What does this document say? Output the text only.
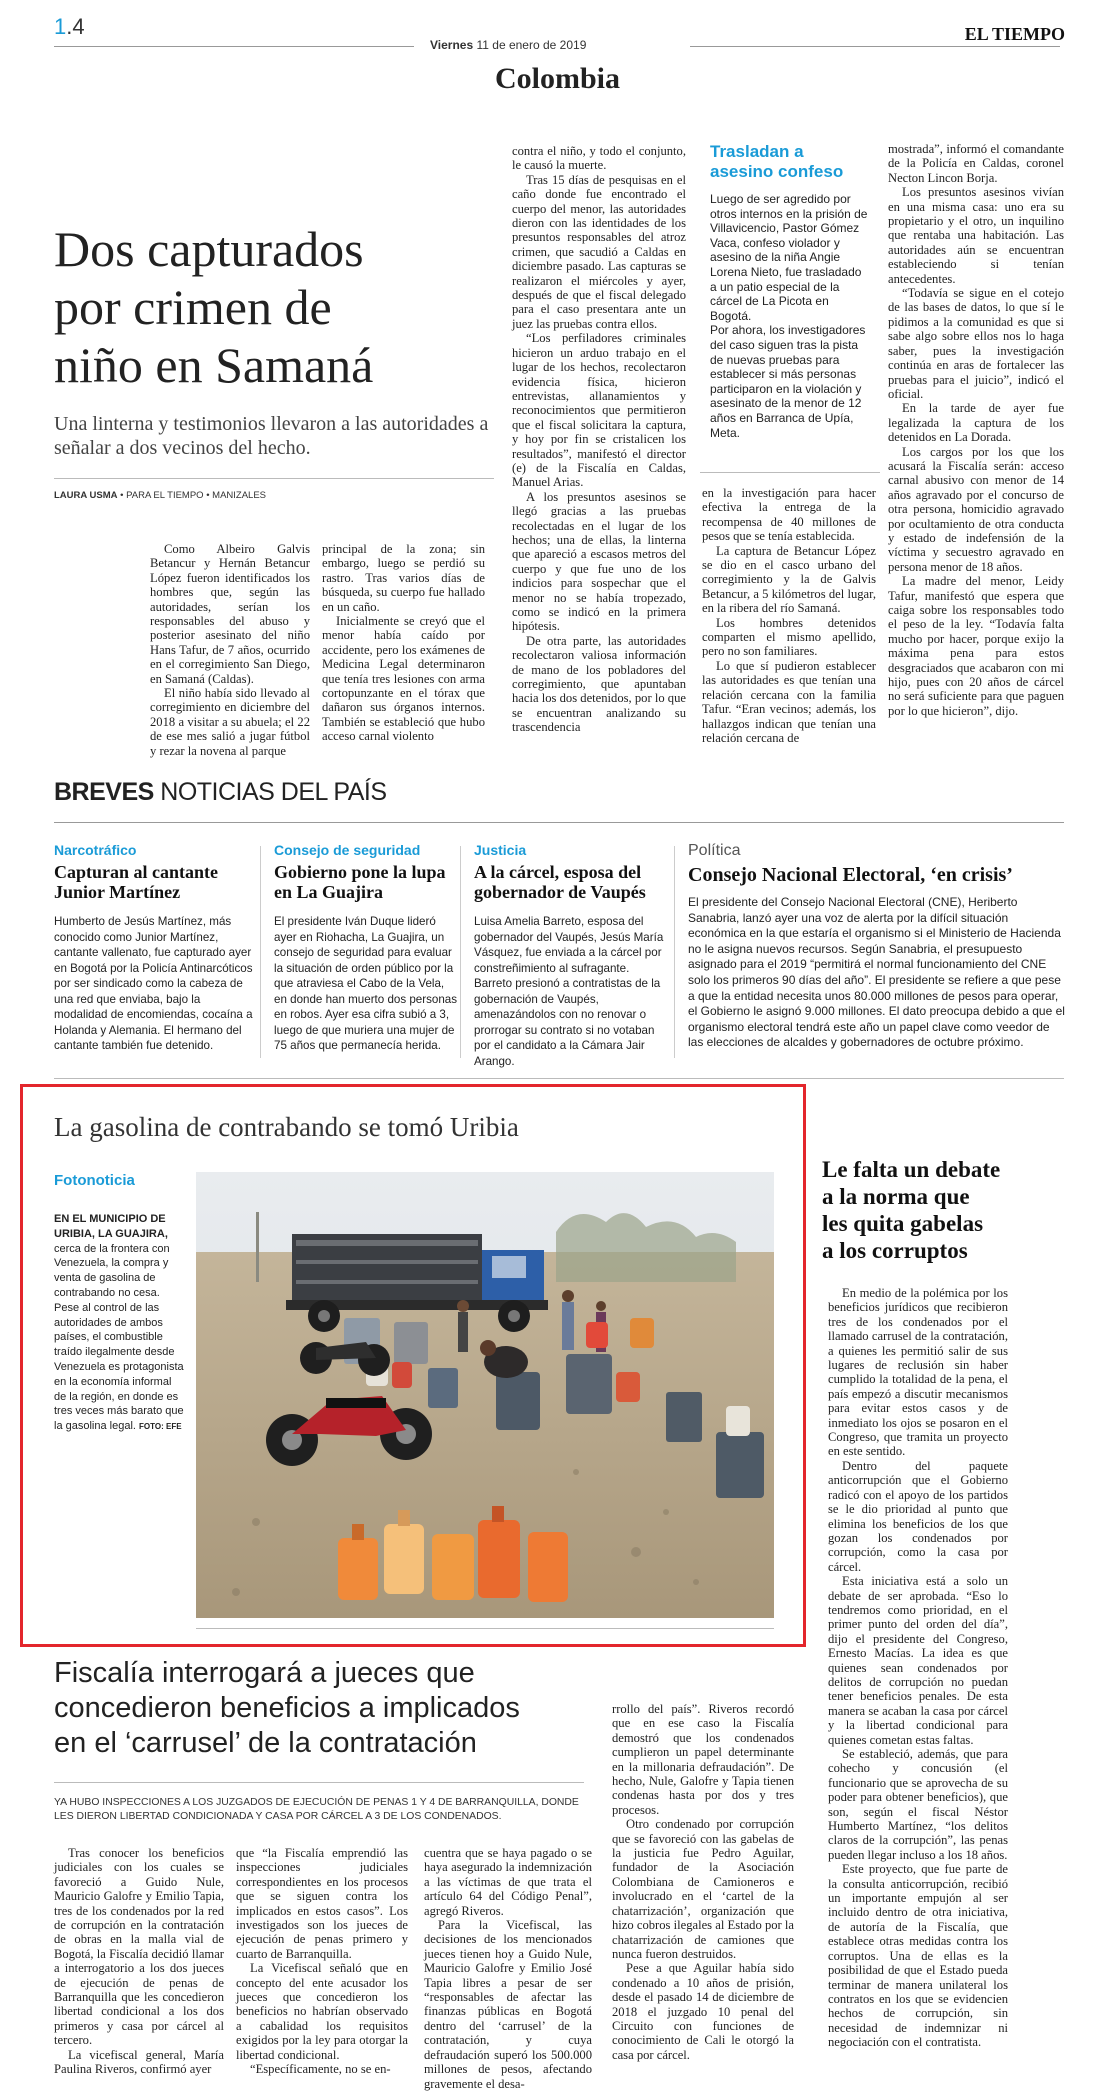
1.4
Viernes 11 de enero de 2019
Colombia
EL TIEMPO
Dos capturados
por crimen de
niño en Samaná
Una linterna y testimonios llevaron a las autoridades a señalar a dos vecinos del hecho.
LAURA USMA • PARA EL TIEMPO • MANIZALES

Como Albeiro Galvis Betancur y Hernán Betancur López fueron identificados los hombres que, según las autoridades, serían los responsables del abuso y posterior asesinato del niño Hans Tafur, de 7 años, ocurrido en el corregimiento San Diego, en Samaná (Caldas).

El niño había sido llevado al corregimiento en diciembre del 2018 a visitar a su abuela; el 22 de ese mes salió a jugar fútbol y rezar la novena al parque

principal de la zona; sin embargo, luego se perdió su rastro. Tras varios días de búsqueda, su cuerpo fue hallado en un caño.

Inicialmente se creyó que el menor había caído por accidente, pero los exámenes de Medicina Legal determinaron que tenía tres lesiones con arma cortopunzante en el tórax que dañaron sus órganos internos. También se estableció que hubo acceso carnal violento

contra el niño, y todo el conjunto, le causó la muerte.

Tras 15 días de pesquisas en el caño donde fue encontrado el cuerpo del menor, las autoridades dieron con las identidades de los presuntos responsables del atroz crimen, que sacudió a Caldas en diciembre pasado. Las capturas se realizaron el miércoles y ayer, después de que el fiscal delegado para el caso presentara ante un juez las pruebas contra ellos.

“Los perfiladores criminales hicieron un arduo trabajo en el lugar de los hechos, recolectaron evidencia física, hicieron entrevistas, allanamientos y reconocimientos que permitieron que el fiscal solicitara la captura, y hoy por fin se cristalicen los resultados”, manifestó el director (e) de la Fiscalía en Caldas, Manuel Arias.

A los presuntos asesinos se llegó gracias a las pruebas recolectadas en el lugar de los hechos; una de ellas, la linterna que apareció a escasos metros del cuerpo y que fue uno de los indicios para sospechar que el menor no se había tropezado, como se indicó en la primera hipótesis.

De otra parte, las autoridades recolectaron valiosa información de mano de los pobladores del corregimiento, que apuntaban hacia los dos detenidos, por lo que se encuentran analizando su trascendencia

Trasladan a
asesino confeso

Luego de ser agredido por otros internos en la prisión de Villavicencio, Pastor Gómez Vaca, confeso violador y asesino de la niña Angie Lorena Nieto, fue trasladado a un patio especial de la cárcel de La Picota en Bogotá.

Por ahora, los investigadores del caso siguen tras la pista de nuevas pruebas para establecer si más personas participaron en la violación y asesinato de la menor de 12 años en Barranca de Upía, Meta.

en la investigación para hacer efectiva la entrega de la recompensa de 40 millones de pesos que se tenía establecida.

La captura de Betancur López se dio en el casco urbano del corregimiento y la de Galvis Betancur, a 5 kilómetros del lugar, en la ribera del río Samaná.

Los hombres detenidos comparten el mismo apellido, pero no son familiares.

Lo que sí pudieron establecer las autoridades es que tenían una relación cercana con la familia Tafur. “Eran vecinos; además, los hallazgos indican que tenían una relación cercana de

mostrada”, informó el comandante de la Policía en Caldas, coronel Necton Lincon Borja.

Los presuntos asesinos vivían en una misma casa: uno era su propietario y el otro, un inquilino que rentaba una habitación. Las autoridades aún se encuentran estableciendo si tenían antecedentes.

“Todavía se sigue en el cotejo de las bases de datos, lo que sí le pidimos a la comunidad es que si sabe algo sobre ellos nos lo haga saber, pues la investigación continúa en aras de fortalecer las pruebas para el juicio”, indicó el oficial.

En la tarde de ayer fue legalizada la captura de los detenidos en La Dorada.

Los cargos por los que los acusará la Fiscalía serán: acceso carnal abusivo con menor de 14 años agravado por el concurso de otra persona, homicidio agravado por ocultamiento de otra conducta y estado de indefensión de la víctima y secuestro agravado en persona menor de 18 años.

La madre del menor, Leidy Tafur, manifestó que espera que caiga sobre los responsables todo el peso de la ley. “Todavía falta mucho por hacer, porque exijo la máxima pena para estos desgraciados que acabaron con mi hijo, pues con 20 años de cárcel no será suficiente para que paguen por lo que hicieron”, dijo.

BREVES NOTICIAS DEL PAÍS
Narcotráfico
Capturan al cantante Junior Martínez
Humberto de Jesús Martínez, más conocido como Junior Martínez, cantante vallenato, fue capturado ayer en Bogotá por la Policía Antinarcóticos por ser sindicado como la cabeza de una red que enviaba, bajo la modalidad de encomiendas, cocaína a Holanda y Alemania. El hermano del cantante también fue detenido.
Consejo de seguridad
Gobierno pone la lupa en La Guajira
El presidente Iván Duque lideró ayer en Riohacha, La Guajira, un consejo de seguridad para evaluar la situación de orden público por la que atraviesa el Cabo de la Vela, en donde han muerto dos personas en robos. Ayer esa cifra subió a 3, luego de que muriera una mujer de 75 años que permanecía herida.
Justicia
A la cárcel, esposa del gobernador de Vaupés
Luisa Amelia Barreto, esposa del gobernador del Vaupés, Jesús María Vásquez, fue enviada a la cárcel por constreñimiento al sufragante. Barreto presionó a contratistas de la gobernación de Vaupés, amenazándolos con no renovar o prorrogar su contrato si no votaban por el candidato a la Cámara Jair Arango.
Política
Consejo Nacional Electoral, ‘en crisis’
El presidente del Consejo Nacional Electoral (CNE), Heriberto Sanabria, lanzó ayer una voz de alerta por la difícil situación económica en la que estaría el organismo si el Ministerio de Hacienda no le asigna nuevos recursos. Según Sanabria, el presupuesto asignado para el 2019 “permitirá el normal funcionamiento del CNE solo los primeros 90 días del año”. El presidente se refiere a que pese a que la entidad necesita unos 80.000 millones de pesos para operar, el Gobierno le asignó 9.000 millones. El dato preocupa debido a que el organismo electoral tendrá este año un papel clave como veedor de las elecciones de alcaldes y gobernadores de octubre próximo.
La gasolina de contrabando se tomó Uribia
Fotonoticia
EN EL MUNICIPIO DE URIBIA, LA GUAJIRA, cerca de la frontera con Venezuela, la compra y venta de gasolina de contrabando no cesa. Pese al control de las autoridades de ambos países, el combustible traído ilegalmente desde Venezuela es protagonista en la economía informal de la región, en donde es tres veces más barato que la gasolina legal. FOTO: EFE
Le falta un debate
a la norma que
les quita gabelas
a los corruptos

En medio de la polémica por los beneficios jurídicos que recibieron tres de los condenados por el llamado carrusel de la contratación, a quienes les permitió salir de sus lugares de reclusión sin haber cumplido la totalidad de la pena, el país empezó a discutir mecanismos para evitar estos casos y de inmediato los ojos se posaron en el Congreso, que tramita un proyecto en este sentido.

Dentro del paquete anticorrupción que el Gobierno radicó con el apoyo de los partidos se le dio prioridad al punto que elimina los beneficios de los que gozan los condenados por corrupción, como la casa por cárcel.

Esta iniciativa está a solo un debate de ser aprobada. “Eso lo tendremos como prioridad, en el primer punto del orden del día”, dijo el presidente del Congreso, Ernesto Macías. La idea es que quienes sean condenados por delitos de corrupción no puedan tener beneficios penales. De esta manera se acaban la casa por cárcel y la libertad condicional para quienes cometan estas faltas.

Se estableció, además, que para cohecho y concusión (el funcionario que se aprovecha de su poder para obtener beneficios), que son, según el fiscal Néstor Humberto Martínez, “los delitos claros de la corrupción”, las penas pueden llegar incluso a los 18 años.

Este proyecto, que fue parte de la consulta anticorrupción, recibió un importante empujón al ser incluido dentro de otra iniciativa, de autoría de la Fiscalía, que establece otras medidas contra los corruptos. Una de ellas es la posibilidad de que el Estado pueda terminar de manera unilateral los contratos en los que se evidencien hechos de corrupción, sin necesidad de indemnizar ni negociación con el contratista.

Fiscalía interrogará a jueces que
concedieron beneficios a implicados
en el ‘carrusel’ de la contratación
YA HUBO INSPECCIONES A LOS JUZGADOS DE EJECUCIÓN DE PENAS 1 Y 4 DE BARRANQUILLA, DONDE LES DIERON LIBERTAD CONDICIONADA Y CASA POR CÁRCEL A 3 DE LOS CONDENADOS.

Tras conocer los beneficios judiciales con los cuales se favoreció a Guido Nule, Mauricio Galofre y Emilio Tapia, tres de los condenados por la red de corrupción en la contratación de obras en la malla vial de Bogotá, la Fiscalía decidió llamar a interrogatorio a los dos jueces de ejecución de penas de Barranquilla que les concedieron libertad condicional a los dos primeros y casa por cárcel al tercero.

La vicefiscal general, María Paulina Riveros, confirmó ayer

que “la Fiscalía emprendió las inspecciones judiciales correspondientes en los procesos que se siguen contra los implicados en estos casos”. Los investigados son los jueces de ejecución de penas primero y cuarto de Barranquilla.

La Vicefiscal señaló que en concepto del ente acusador los jueces que concedieron los beneficios no habrían observado a cabalidad los requisitos exigidos por la ley para otorgar la libertad condicional.

“Específicamente, no se en-

cuentra que se haya pagado o se haya asegurado la indemnización a las víctimas de que trata el artículo 64 del Código Penal”, agregó Riveros.

Para la Vicefiscal, las decisiones de los mencionados jueces tienen hoy a Guido Nule, Mauricio Galofre y Emilio José Tapia libres a pesar de ser “responsables de afectar las finanzas públicas en Bogotá dentro del ‘carrusel’ de la contratación, y cuya defraudación superó los 500.000 millones de pesos, afectando gravemente el desa-

rrollo del país”. Riveros recordó que en ese caso la Fiscalía demostró que los condenados cumplieron un papel determinante en la millonaria defraudación”. De hecho, Nule, Galofre y Tapia tienen condenas hasta por dos y tres procesos.

Otro condenado por corrupción que se favoreció con las gabelas de la justicia fue Pedro Aguilar, fundador de la Asociación Colombiana de Camioneros e involucrado en el ‘cartel de la chatarrización’, organización que hizo cobros ilegales al Estado por la chatarrización de camiones que nunca fueron destruidos.

Pese a que Aguilar había sido condenado a 10 años de prisión, desde el pasado 14 de diciembre de 2018 el juzgado 10 penal del Circuito con funciones de conocimiento de Cali le otorgó la casa por cárcel.
